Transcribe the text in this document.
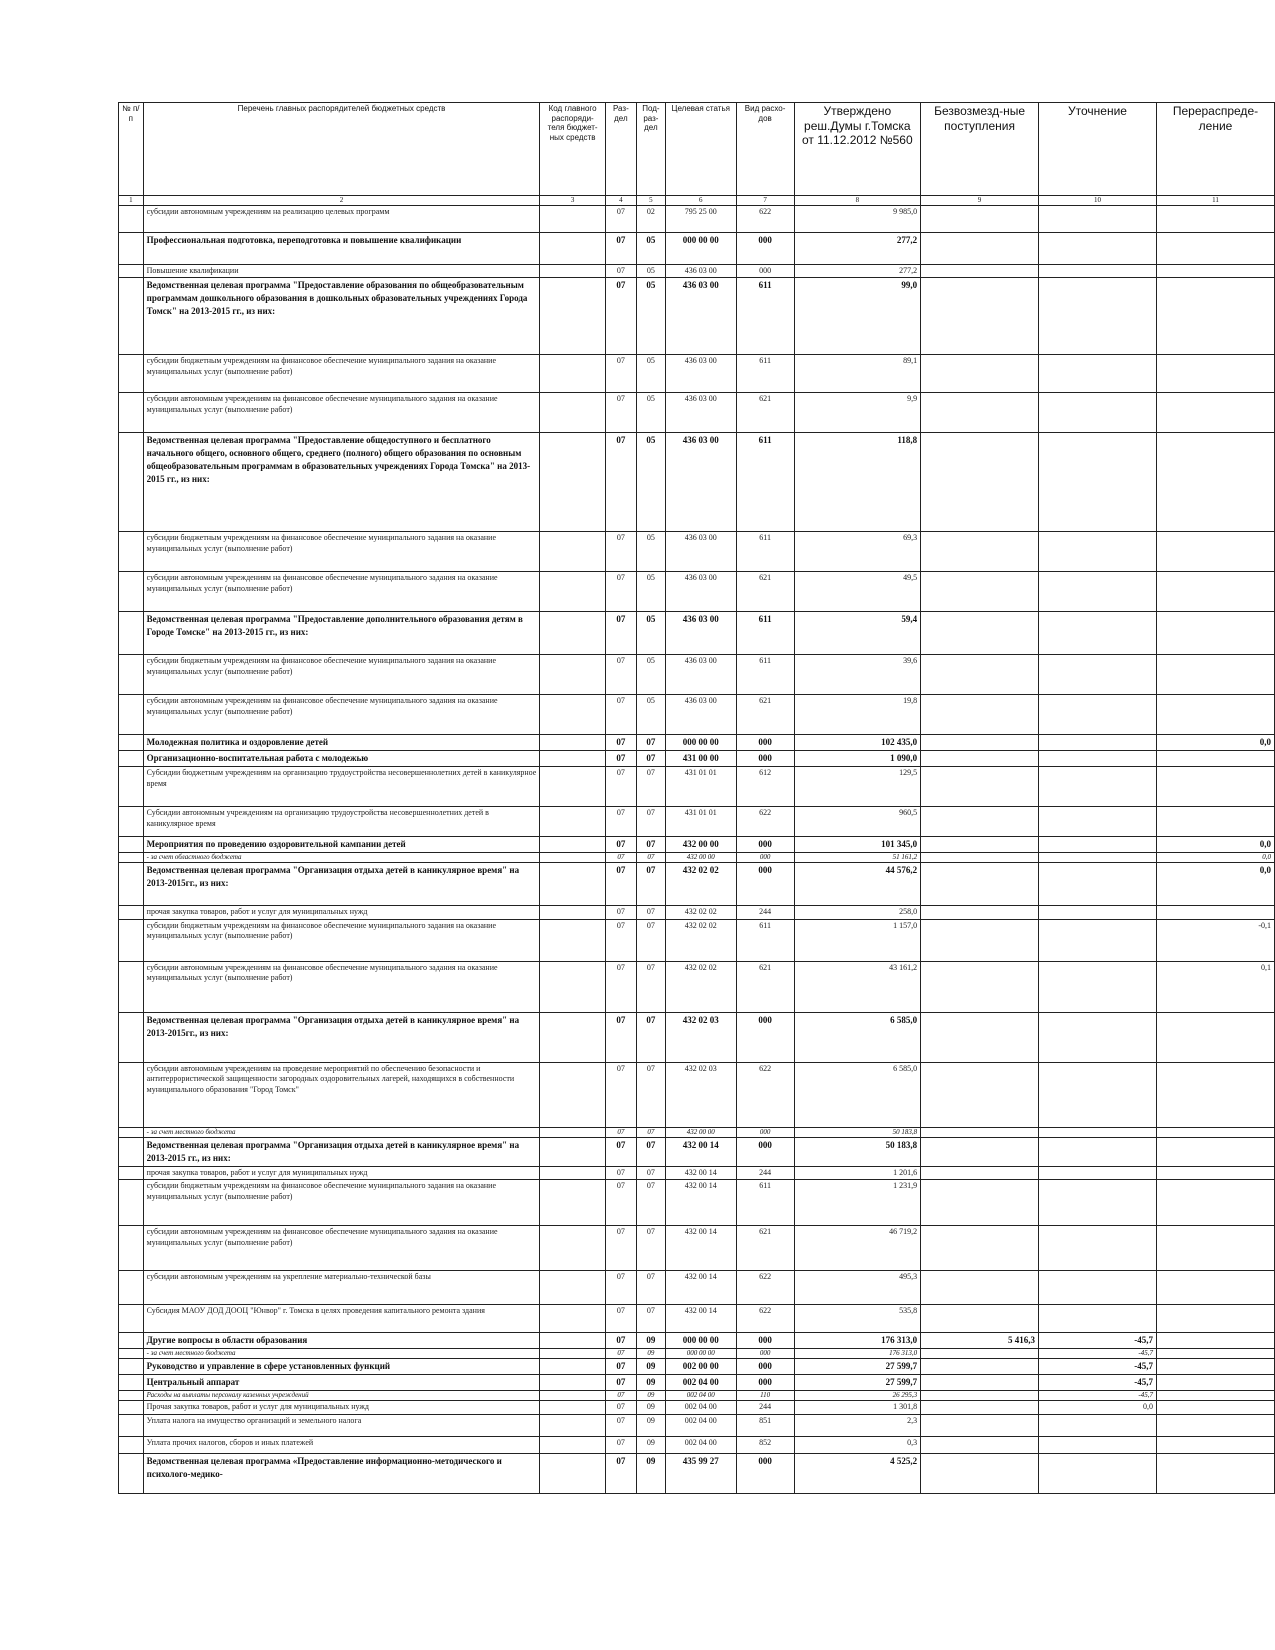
№ п/п	Перечень главных распорядителей бюджетных средств	Код главного распоряди-теля бюджет-ных средств	Раз-дел	Под-раз-дел	Целевая статья	Вид расхо-дов	Утверждено реш.Думы г.Томска от 11.12.2012 №560	Безвозмезд-ные поступления	Уточнение	Перераспреде-ление
1	2	3	4	5	6	7	8	9	10	11
	субсидии автономным учреждениям на реализацию целевых программ		07	02	795 25 00	622	9 985,0			
	Профессиональная подготовка, переподготовка и повышение квалификации		07	05	000 00 00	000	277,2			
	Повышение квалификации		07	05	436 03 00	000	277,2			
	Ведомственная целевая программа "Предоставление образования по общеобразовательным программам дошкольного образования в дошкольных образовательных учреждениях Города Томск" на 2013-2015 гг., из них:		07	05	436 03 00	611	99,0			
	субсидии бюджетным учреждениям на финансовое обеспечение муниципального задания на оказание муниципальных услуг (выполнение работ)		07	05	436 03 00	611	89,1			
	субсидии автономным учреждениям на финансовое обеспечение муниципального задания на оказание муниципальных услуг (выполнение работ)		07	05	436 03 00	621	9,9			
	Ведомственная целевая программа "Предоставление общедоступного и бесплатного начального общего, основного общего, среднего (полного) общего образования по основным общеобразовательным программам в образовательных учреждениях Города Томска" на 2013-2015 гг., из них:		07	05	436 03 00	611	118,8			
	субсидии бюджетным учреждениям на финансовое обеспечение муниципального задания на оказание муниципальных услуг (выполнение работ)		07	05	436 03 00	611	69,3			
	субсидии автономным учреждениям на финансовое обеспечение муниципального задания на оказание муниципальных услуг (выполнение работ)		07	05	436 03 00	621	49,5			
	Ведомственная целевая программа "Предоставление дополнительного образования детям в Городе Томске" на 2013-2015 гг., из них:		07	05	436 03 00	611	59,4			
	субсидии бюджетным учреждениям на финансовое обеспечение муниципального задания на оказание муниципальных услуг (выполнение работ)		07	05	436 03 00	611	39,6			
	субсидии автономным учреждениям на финансовое обеспечение муниципального задания на оказание муниципальных услуг (выполнение работ)		07	05	436 03 00	621	19,8			
	Молодежная политика и оздоровление детей		07	07	000 00 00	000	102 435,0			0,0
	Организационно-воспитательная работа с молодежью		07	07	431 00 00	000	1 090,0			
	Субсидии бюджетным учреждениям на организацию трудоустройства несовершеннолетних детей в каникулярное время		07	07	431 01 01	612	129,5			
	Субсидии автономным учреждениям на организацию трудоустройства несовершеннолетних детей в каникулярное время		07	07	431 01 01	622	960,5			
	Мероприятия по проведению оздоровительной кампании детей		07	07	432 00 00	000	101 345,0			0,0
	- за счет областного бюджета		07	07	432 00 00	000	51 161,2			0,0
	Ведомственная целевая программа "Организация отдыха детей в каникулярное время" на 2013-2015гг., из них:		07	07	432 02 02	000	44 576,2			0,0
	прочая закупка товаров, работ и услуг для муниципальных нужд		07	07	432 02 02	244	258,0			
	субсидии бюджетным учреждениям на финансовое обеспечение муниципального задания на оказание муниципальных услуг (выполнение работ)		07	07	432 02 02	611	1 157,0			-0,1
	субсидии автономным учреждениям на финансовое обеспечение муниципального задания на оказание муниципальных услуг (выполнение работ)		07	07	432 02 02	621	43 161,2			0,1
	Ведомственная целевая программа "Организация отдыха детей в каникулярное время" на 2013-2015гг., из них:		07	07	432 02 03	000	6 585,0			
	субсидии автономным учреждениям на проведение мероприятий по обеспечению безопасности и антитеррористической защищенности загородных оздоровительных лагерей, находящихся в собственности муниципального образования "Город Томск"		07	07	432 02 03	622	6 585,0			
	- за счет местного бюджета		07	07	432 00 00	000	50 183,8			
	Ведомственная целевая программа "Организация отдыха детей в каникулярное время" на 2013-2015 гг., из них:		07	07	432 00 14	000	50 183,8			
	прочая закупка товаров, работ и услуг для муниципальных нужд		07	07	432 00 14	244	1 201,6			
	субсидии бюджетным учреждениям на финансовое обеспечение муниципального задания на оказание муниципальных услуг (выполнение работ)		07	07	432 00 14	611	1 231,9			
	субсидии автономным учреждениям на финансовое обеспечение муниципального задания на оказание муниципальных услуг (выполнение работ)		07	07	432 00 14	621	46 719,2			
	субсидии автономным учреждениям на укрепление материально-технической базы		07	07	432 00 14	622	495,3			
	Субсидия МАОУ ДОД ДООЦ "Юнвор" г. Томска в целях проведения капитального ремонта здания		07	07	432 00 14	622	535,8			
	Другие вопросы в области образования		07	09	000 00 00	000	176 313,0	5 416,3	-45,7	
	- за счет местного бюджета		07	09	000 00 00	000	176 313,0		-45,7	
	Руководство и управление в сфере установленных функций		07	09	002 00 00	000	27 599,7		-45,7	
	Центральный аппарат		07	09	002 04 00	000	27 599,7		-45,7	
	Расходы на выплаты персоналу казенных учреждений		07	09	002 04 00	110	26 295,3		-45,7	
	Прочая закупка товаров, работ и услуг для муниципальных нужд		07	09	002 04 00	244	1 301,8		0,0	
	Уплата налога на имущество организаций и земельного налога		07	09	002 04 00	851	2,3			
	Уплата прочих налогов, сборов и иных платежей		07	09	002 04 00	852	0,3			
	Ведомственная целевая программа «Предоставление информационно-методического и психолого-медико-		07	09	435 99 27	000	4 525,2			
